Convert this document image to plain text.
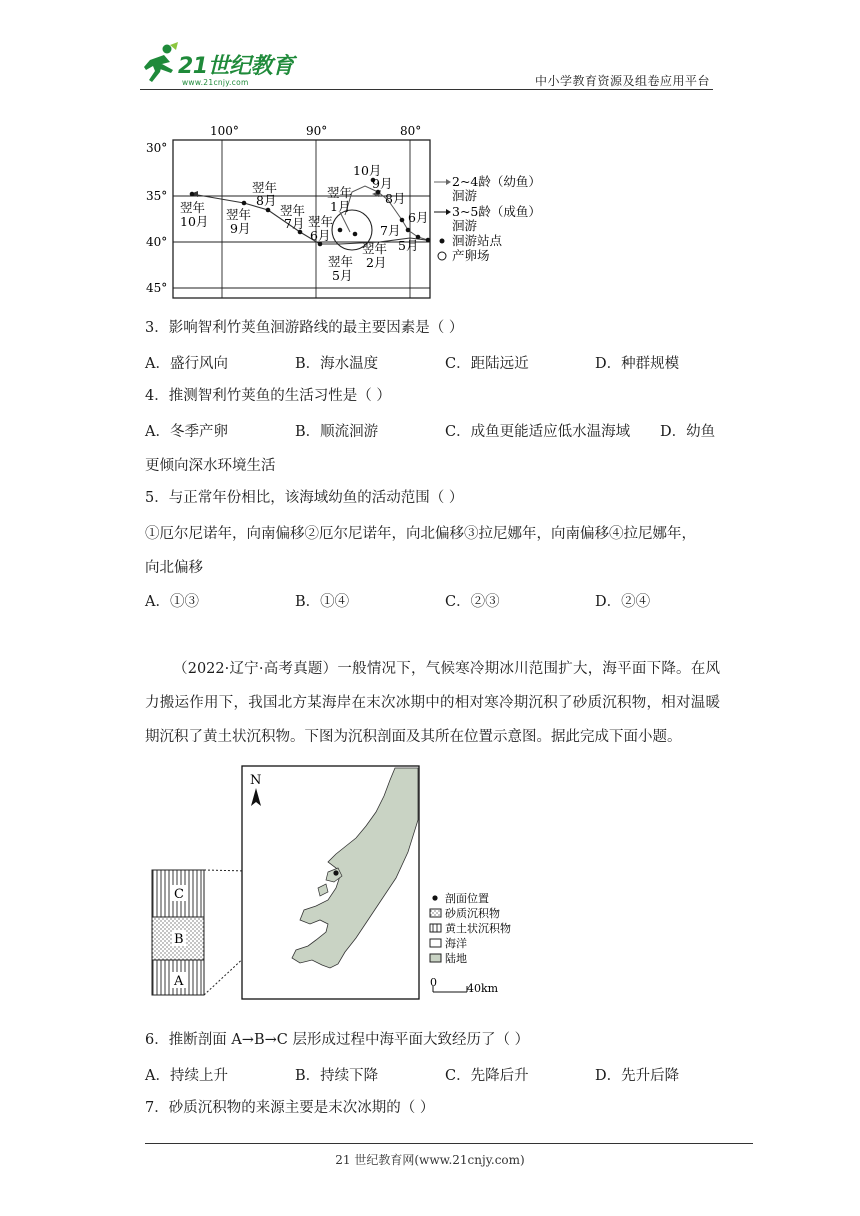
21世纪教育
www.21cnjy.com	中小学教育资源及组卷应用平台
100°	90°	80°
30°
35°
40°
45°
翌年
10月 翌年
9月
翌年
8月
翌年
7月 翌年
6月
翌年
1月
翌年
5月
翌年
2月
10月
9月
8月
6月
7月
5月
2~4龄（幼鱼）
洄游
3~5龄（成鱼）
洄游
洄游站点
产卵场
3．影响智利竹荚鱼洄游路线的最主要因素是（ ）
A．盛行风向	B．海水温度	C．距陆远近	D．种群规模
4．推测智利竹荚鱼的生活习性是（ ）
A．冬季产卵	B．顺流洄游	C．成鱼更能适应低水温海域 D．幼鱼
更倾向深水环境生活
5．与正常年份相比，该海域幼鱼的活动范围（ ）
①厄尔尼诺年，向南偏移②厄尔尼诺年，向北偏移③拉尼娜年，向南偏移④拉尼娜年，
向北偏移
A．①③	B．①④	C．②③	D．②④
（2022·辽宁·高考真题）一般情况下，气候寒冷期冰川范围扩大，海平面下降。在风力搬运作用下，我国北方某海岸在末次冰期中的相对寒冷期沉积了砂质沉积物，相对温暖期沉积了黄土状沉积物。下图为沉积剖面及其所在位置示意图。据此完成下面小题。
C
B
A
N
剖面位置
砂质沉积物
黄土状沉积物
海洋
陆地
0	40km
6．推断剖面 A→B→C 层形成过程中海平面大致经历了（ ）
A．持续上升	B．持续下降	C．先降后升	D．先升后降
7．砂质沉积物的来源主要是末次冰期的（ ）
21 世纪教育网(www.21cnjy.com)
